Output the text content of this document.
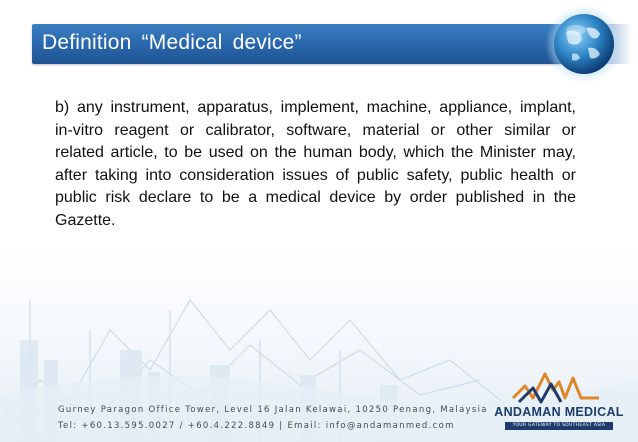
Definition “Medical device”
b) any instrument, apparatus, implement, machine, appliance, implant, in-vitro reagent or calibrator, software, material or other similar or related article, to be used on the human body, which the Minister may, after taking into consideration issues of public safety, public health or public risk declare to be a medical device by order published in the Gazette.
Gurney Paragon Office Tower, Level 16 Jalan Kelawai, 10250 Penang, Malaysia
Tel: +60.13.595.0027 / +60.4.222.8849 | Email: info@andamanmed.com
ANDAMAN MEDICAL
YOUR GATEWAY TO SOUTHEAST ASIA
